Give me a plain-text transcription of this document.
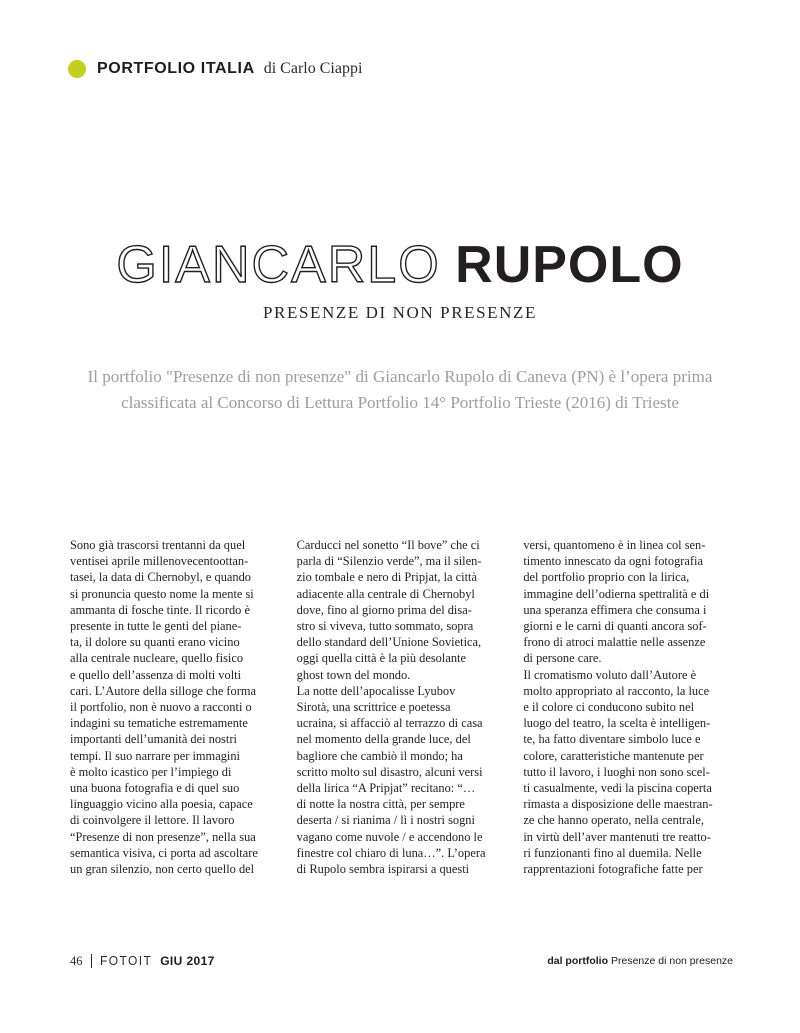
PORTFOLIO ITALIA di Carlo Ciappi
GIANCARLO RUPOLO
PRESENZE DI NON PRESENZE
Il portfolio "Presenze di non presenze" di Giancarlo Rupolo di Caneva (PN) è l’opera prima classificata al Concorso di Lettura Portfolio 14° Portfolio Trieste (2016) di Trieste
Sono già trascorsi trentanni da quel
ventisei aprile millenovecentoottan-
tasei, la data di Chernobyl, e quando
si pronuncia questo nome la mente si
ammanta di fosche tinte. Il ricordo è
presente in tutte le genti del piane-
ta, il dolore su quanti erano vicino
alla centrale nucleare, quello fisico
e quello dell’assenza di molti volti
cari. L’Autore della silloge che forma
il portfolio, non è nuovo a racconti o
indagini su tematiche estremamente
importanti dell’umanità dei nostri
tempi. Il suo narrare per immagini
è molto icastico per l’impiego di
una buona fotografia e di quel suo
linguaggio vicino alla poesia, capace
di coinvolgere il lettore. Il lavoro
“Presenze di non presenze”, nella sua
semantica visiva, ci porta ad ascoltare
un gran silenzio, non certo quello del
Carducci nel sonetto “Il bove” che ci
parla di “Silenzio verde”, ma il silen-
zio tombale e nero di Pripjat, la città
adiacente alla centrale di Chernobyl
dove, fino al giorno prima del disa-
stro si viveva, tutto sommato, sopra
dello standard dell’Unione Sovietica,
oggi quella città è la più desolante
ghost town del mondo.
La notte dell’apocalisse Lyubov
Sirotà, una scrittrice e poetessa
ucraina, si affacciò al terrazzo di casa
nel momento della grande luce, del
bagliore che cambiò il mondo; ha
scritto molto sul disastro, alcuni versi
della lirica “A Pripjat” recitano: “…
di notte la nostra città, per sempre
deserta / si rianima / lì i nostri sogni
vagano come nuvole / e accendono le
finestre col chiaro di luna…”. L’opera
di Rupolo sembra ispirarsi a questi
versi, quantomeno è in linea col sen-
timento innescato da ogni fotografia
del portfolio proprio con la lirica,
immagine dell’odierna spettralità e di
una speranza effimera che consuma i
giorni e le carni di quanti ancora sof-
frono di atroci malattie nelle assenze
di persone care.
Il cromatismo voluto dall’Autore è
molto appropriato al racconto, la luce
e il colore ci conducono subito nel
luogo del teatro, la scelta è intelligen-
te, ha fatto diventare simbolo luce e
colore, caratteristiche mantenute per
tutto il lavoro, i luoghi non sono scel-
ti casualmente, vedi la piscina coperta
rimasta a disposizione delle maestran-
ze che hanno operato, nella centrale,
in virtù dell’aver mantenuti tre reatto-
ri funzionanti fino al duemila. Nelle
rapprentazioni fotografiche fatte per
46 FOTOIT GIU 2017	dal portfolio Presenze di non presenze
